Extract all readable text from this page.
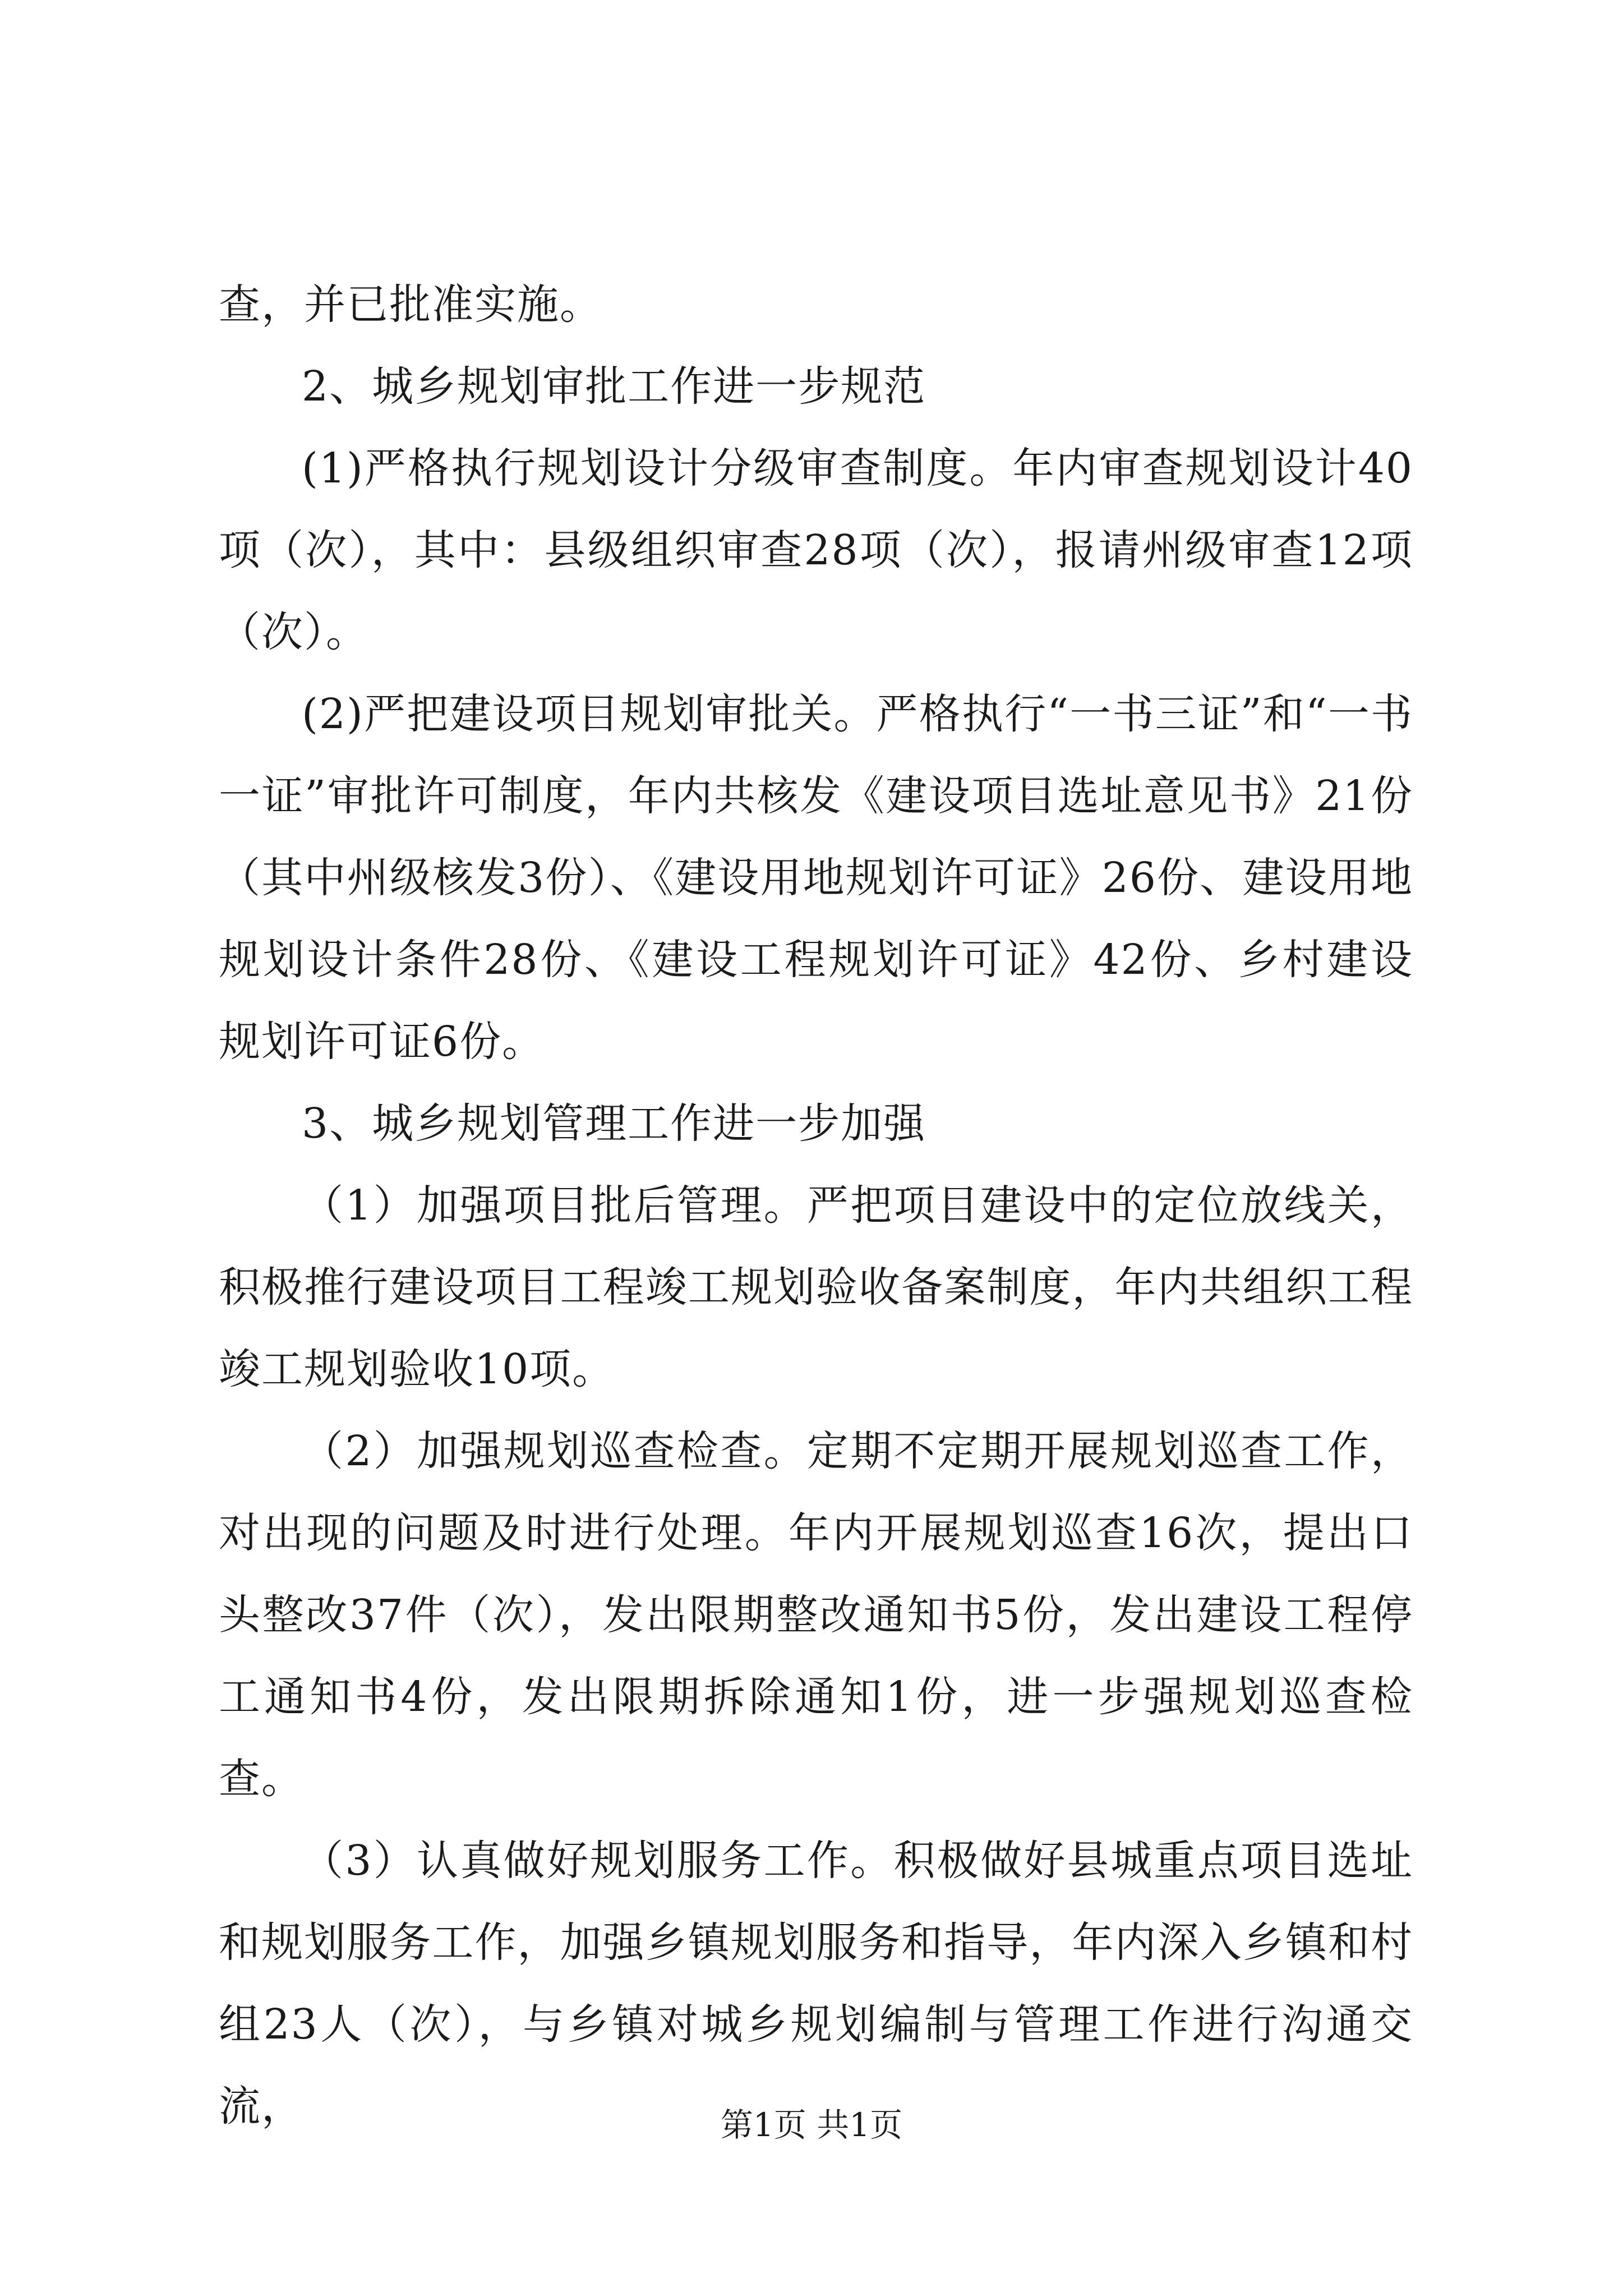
查，并已批准实施。

2、城乡规划审批工作进一步规范

(1)严格执行规划设计分级审查制度。年内审查规划设计40项（次），其中：县级组织审查28项（次），报请州级审查12项（次）。

(2)严把建设项目规划审批关。严格执行“一书三证”和“一书一证”审批许可制度，年内共核发《建设项目选址意见书》21份（其中州级核发3份）、《建设用地规划许可证》26份、建设用地规划设计条件28份、《建设工程规划许可证》42份、乡村建设规划许可证6份。

3、城乡规划管理工作进一步加强

（1）加强项目批后管理。严把项目建设中的定位放线关，积极推行建设项目工程竣工规划验收备案制度，年内共组织工程竣工规划验收10项。

（2）加强规划巡查检查。定期不定期开展规划巡查工作，对出现的问题及时进行处理。年内开展规划巡查16次，提出口头整改37件（次），发出限期整改通知书5份，发出建设工程停工通知书4份，发出限期拆除通知1份，进一步强规划巡查检查。

（3）认真做好规划服务工作。积极做好县城重点项目选址和规划服务工作，加强乡镇规划服务和指导，年内深入乡镇和村组23人（次），与乡镇对城乡规划编制与管理工作进行沟通交流，	第1页 共1页
